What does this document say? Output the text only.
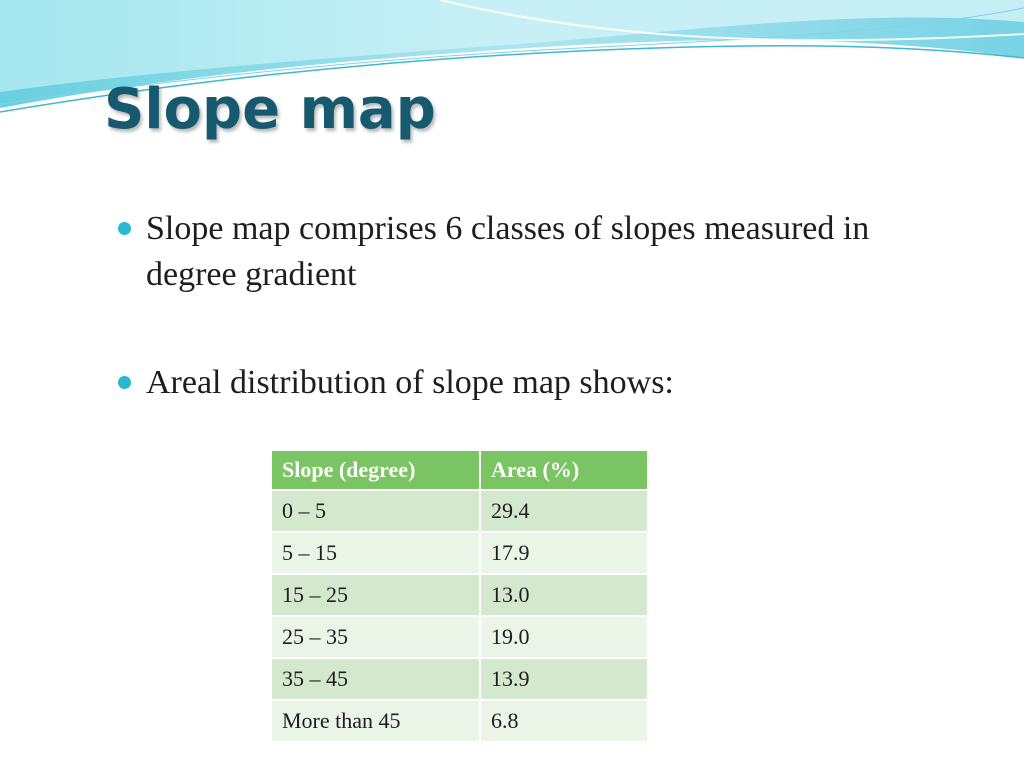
Slope map
Slope map comprises 6 classes of slopes measured in degree gradient
Areal distribution of slope map shows:
Slope (degree)	Area (%)
0 – 5	29.4
5 – 15	17.9
15 – 25	13.0
25 – 35	19.0
35 – 45	13.9
More than 45	6.8
